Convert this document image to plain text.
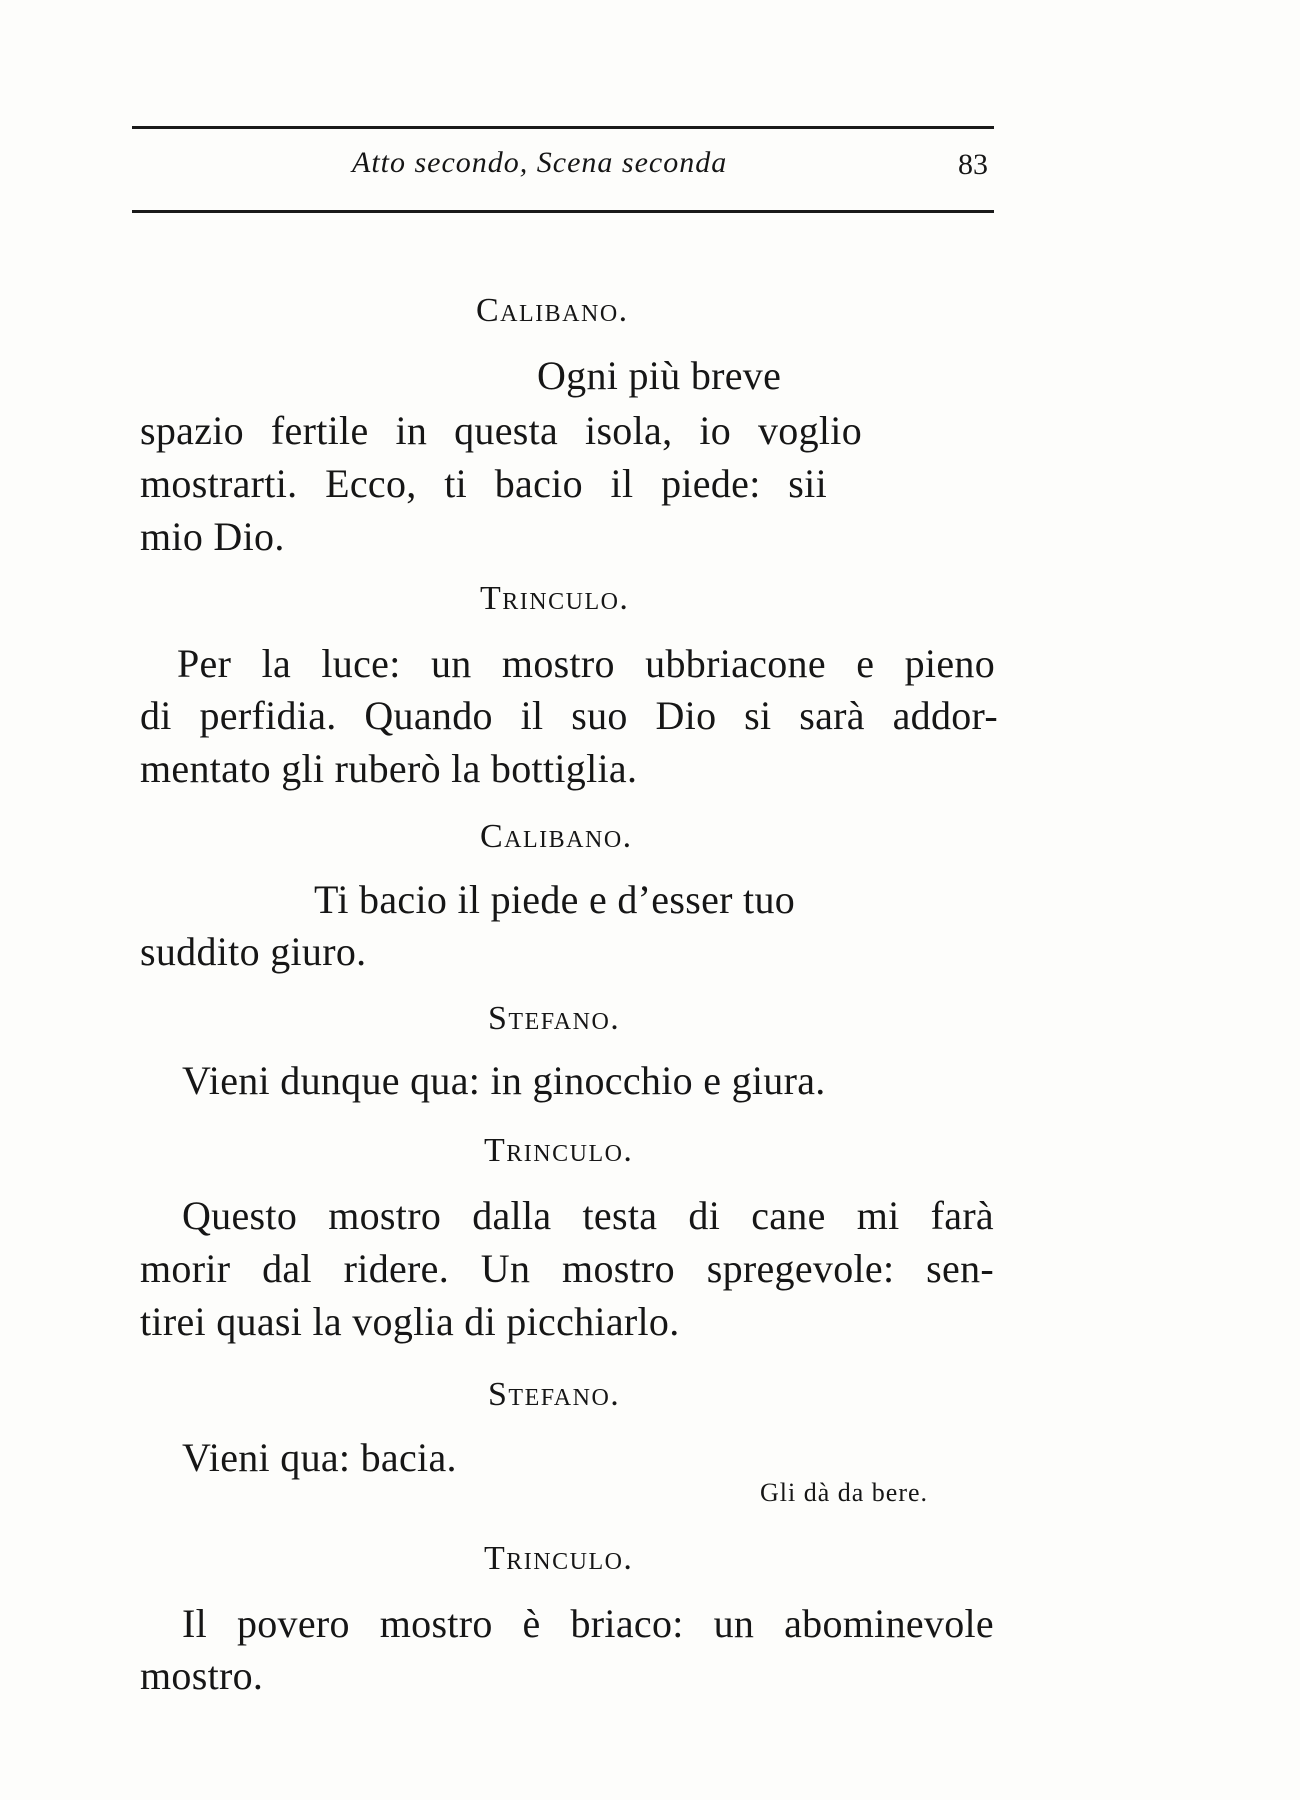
Atto secondo, Scena seconda	83
Calibano.
Ogni più breve
spazio fertile in questa isola, io voglio
mostrarti. Ecco, ti bacio il piede: sii
mio Dio.
Trinculo.
Per la luce: un mostro ubbriacone e pieno
di perfidia. Quando il suo Dio si sarà addor-
mentato gli ruberò la bottiglia.
Calibano.
Ti bacio il piede e d’esser tuo
suddito giuro.
Stefano.
Vieni dunque qua: in ginocchio e giura.
Trinculo.
Questo mostro dalla testa di cane mi farà
morir dal ridere. Un mostro spregevole: sen-
tirei quasi la voglia di picchiarlo.
Stefano.
Vieni qua: bacia.
Gli dà da bere.
Trinculo.
Il povero mostro è briaco: un abominevole
mostro.
